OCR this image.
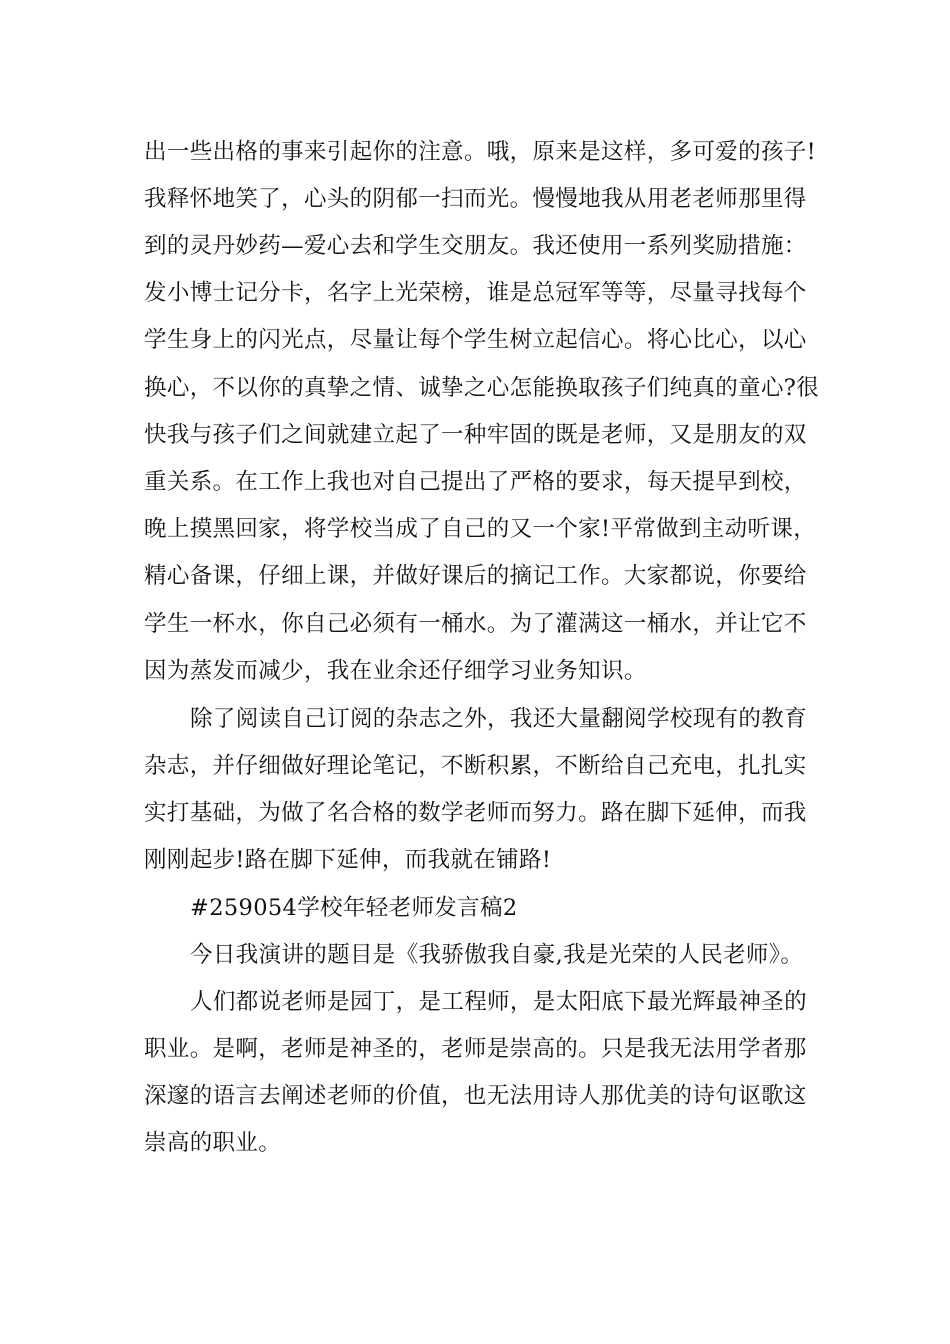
出一些出格的事来引起你的注意。哦，原来是这样，多可爱的孩子!

我释怀地笑了，心头的阴郁一扫而光。慢慢地我从用老老师那里得

到的灵丹妙药—爱心去和学生交朋友。我还使用一系列奖励措施：

发小博士记分卡，名字上光荣榜，谁是总冠军等等，尽量寻找每个

学生身上的闪光点，尽量让每个学生树立起信心。将心比心，以心

换心，不以你的真挚之情、诚挚之心怎能换取孩子们纯真的童心?很

快我与孩子们之间就建立起了一种牢固的既是老师，又是朋友的双

重关系。在工作上我也对自己提出了严格的要求，每天提早到校，

晚上摸黑回家，将学校当成了自己的又一个家!平常做到主动听课，

精心备课，仔细上课，并做好课后的摘记工作。大家都说，你要给

学生一杯水，你自己必须有一桶水。为了灌满这一桶水，并让它不

因为蒸发而减少，我在业余还仔细学习业务知识。

除了阅读自己订阅的杂志之外，我还大量翻阅学校现有的教育

杂志，并仔细做好理论笔记，不断积累，不断给自己充电，扎扎实

实打基础，为做了名合格的数学老师而努力。路在脚下延伸，而我

刚刚起步!路在脚下延伸，而我就在铺路!

#259054学校年轻老师发言稿2

今日我演讲的题目是《我骄傲我自豪,我是光荣的人民老师》。

人们都说老师是园丁，是工程师，是太阳底下最光辉最神圣的

职业。是啊，老师是神圣的，老师是崇高的。只是我无法用学者那

深邃的语言去阐述老师的价值，也无法用诗人那优美的诗句讴歌这

崇高的职业。
